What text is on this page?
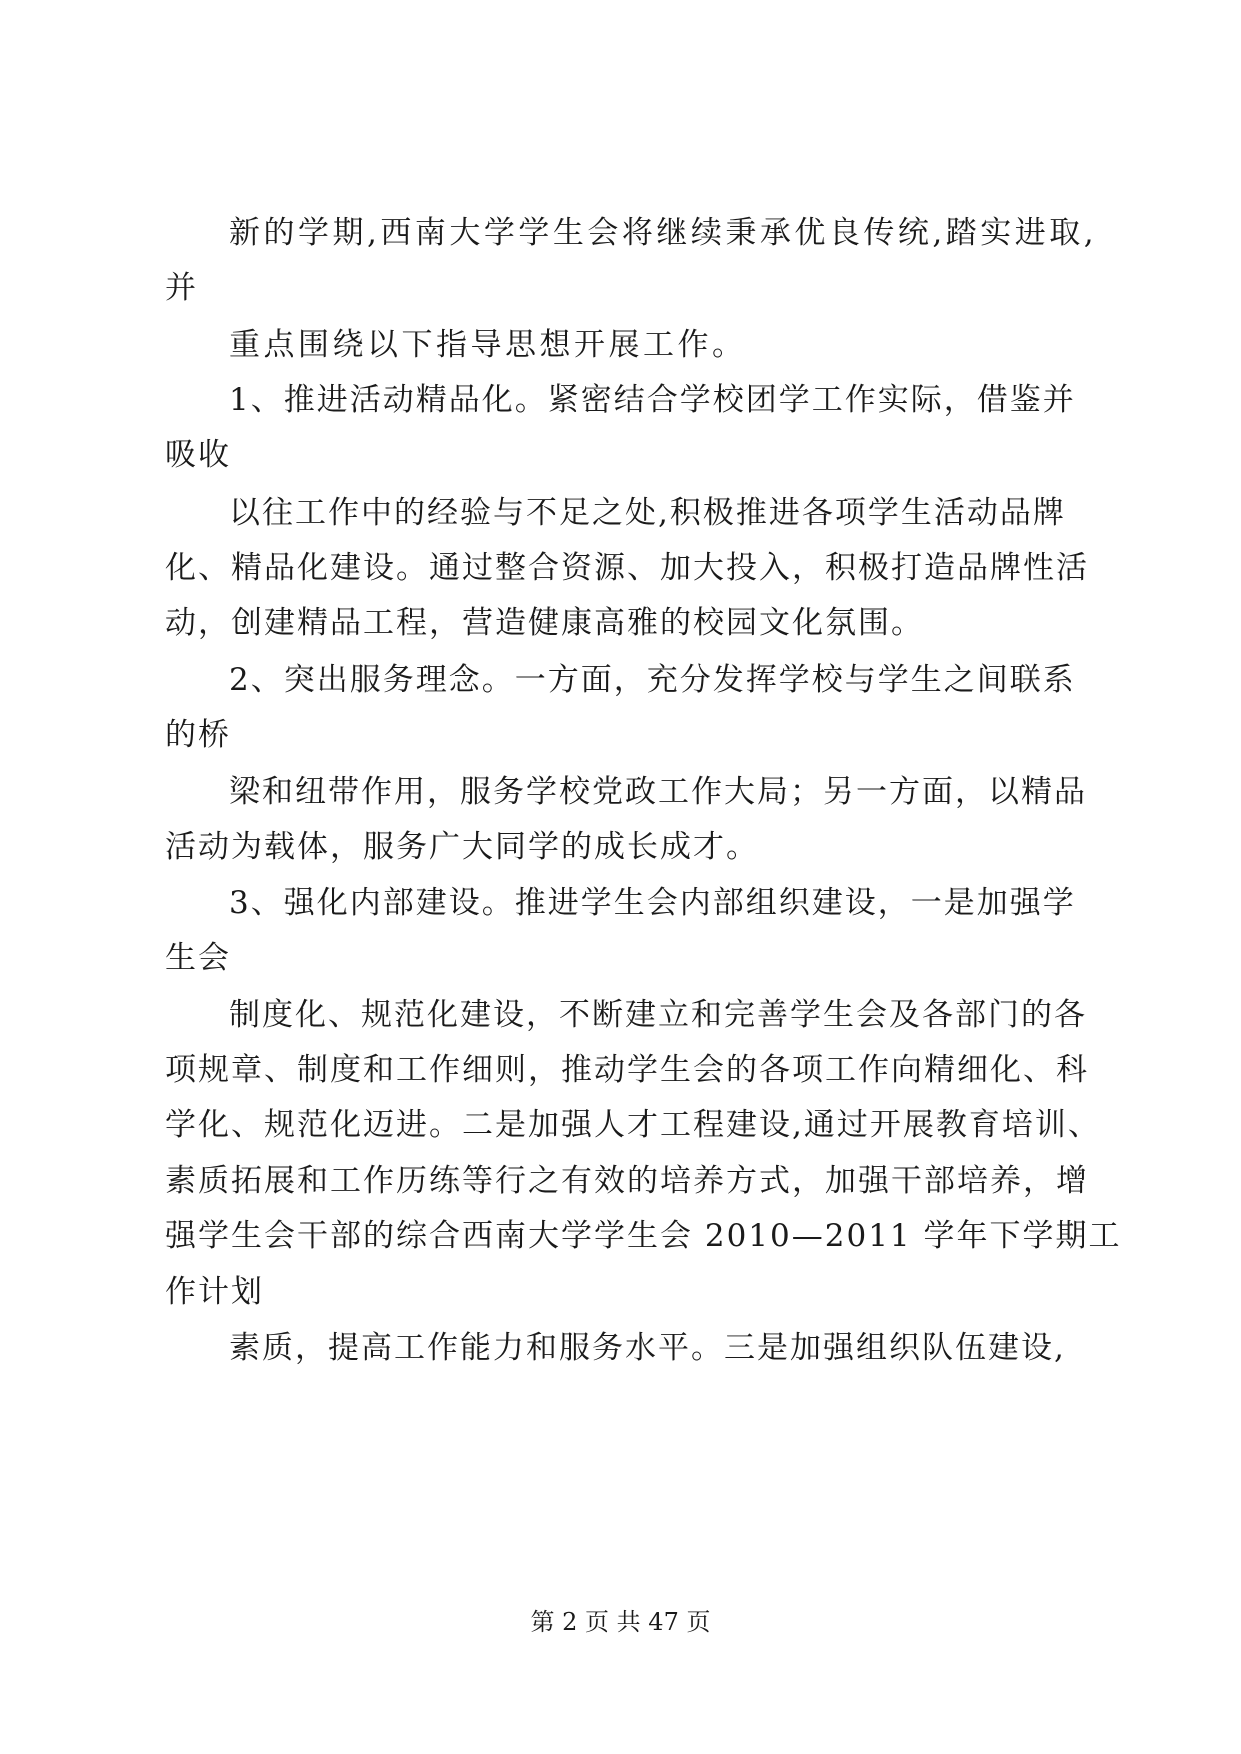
新的学期,西南大学学生会将继续秉承优良传统,踏实进取,
并
重点围绕以下指导思想开展工作。
1、推进活动精品化。紧密结合学校团学工作实际，借鉴并
吸收
以往工作中的经验与不足之处,积极推进各项学生活动品牌
化、精品化建设。通过整合资源、加大投入，积极打造品牌性活
动，创建精品工程，营造健康高雅的校园文化氛围。
2、突出服务理念。一方面，充分发挥学校与学生之间联系
的桥
梁和纽带作用，服务学校党政工作大局；另一方面，以精品
活动为载体，服务广大同学的成长成才。
3、强化内部建设。推进学生会内部组织建设，一是加强学
生会
制度化、规范化建设，不断建立和完善学生会及各部门的各
项规章、制度和工作细则，推动学生会的各项工作向精细化、科
学化、规范化迈进。二是加强人才工程建设,通过开展教育培训、
素质拓展和工作历练等行之有效的培养方式，加强干部培养，增
强学生会干部的综合西南大学学生会 2010—2011 学年下学期工
作计划
素质，提高工作能力和服务水平。三是加强组织队伍建设,
第 2 页 共 47 页
